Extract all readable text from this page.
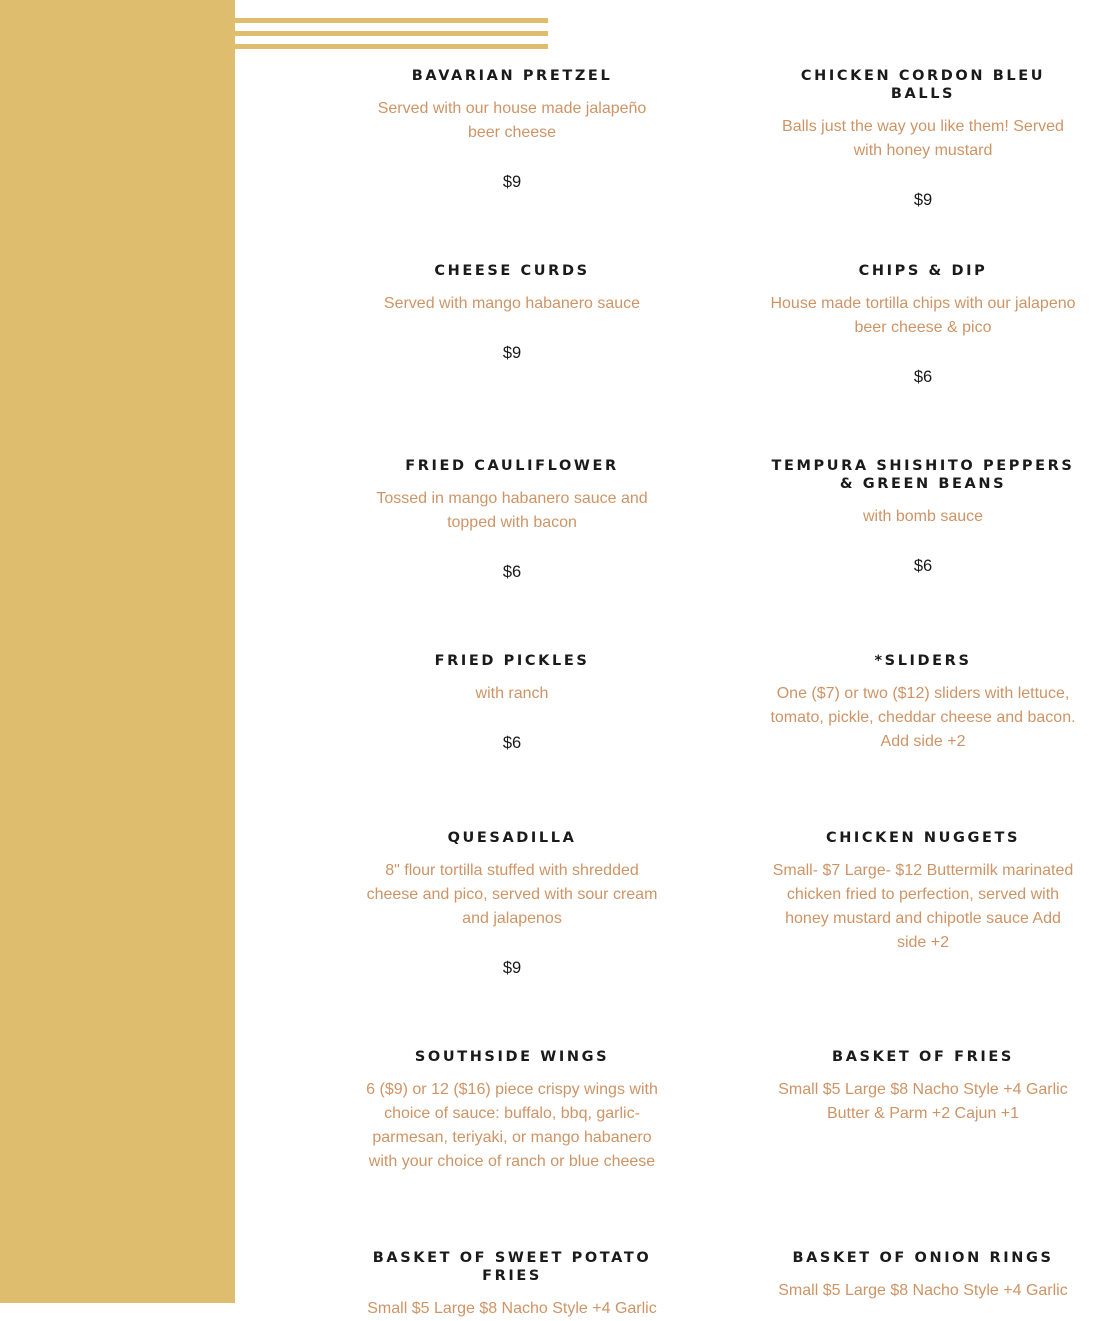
BAVARIAN PRETZEL
Served with our house made jalapeño beer cheese
$9
CHICKEN CORDON BLEU BALLS
Balls just the way you like them! Served with honey mustard
$9
CHEESE CURDS
Served with mango habanero sauce
$9
CHIPS & DIP
House made tortilla chips with our jalapeno beer cheese & pico
$6
FRIED CAULIFLOWER
Tossed in mango habanero sauce and topped with bacon
$6
TEMPURA SHISHITO PEPPERS & GREEN BEANS
with bomb sauce
$6
FRIED PICKLES
with ranch
$6
*SLIDERS
One ($7) or two ($12) sliders with lettuce, tomato, pickle, cheddar cheese and bacon. Add side +2
QUESADILLA
8" flour tortilla stuffed with shredded cheese and pico, served with sour cream and jalapenos
$9
CHICKEN NUGGETS
Small- $7 Large- $12 Buttermilk marinated chicken fried to perfection, served with honey mustard and chipotle sauce Add side +2
SOUTHSIDE WINGS
6 ($9) or 12 ($16) piece crispy wings with choice of sauce: buffalo, bbq, garlic-parmesan, teriyaki, or mango habanero with your choice of ranch or blue cheese
BASKET OF FRIES
Small $5 Large $8 Nacho Style +4 Garlic Butter & Parm +2 Cajun +1
BASKET OF SWEET POTATO FRIES
Small $5 Large $8 Nacho Style +4 Garlic
BASKET OF ONION RINGS
Small $5 Large $8 Nacho Style +4 Garlic
